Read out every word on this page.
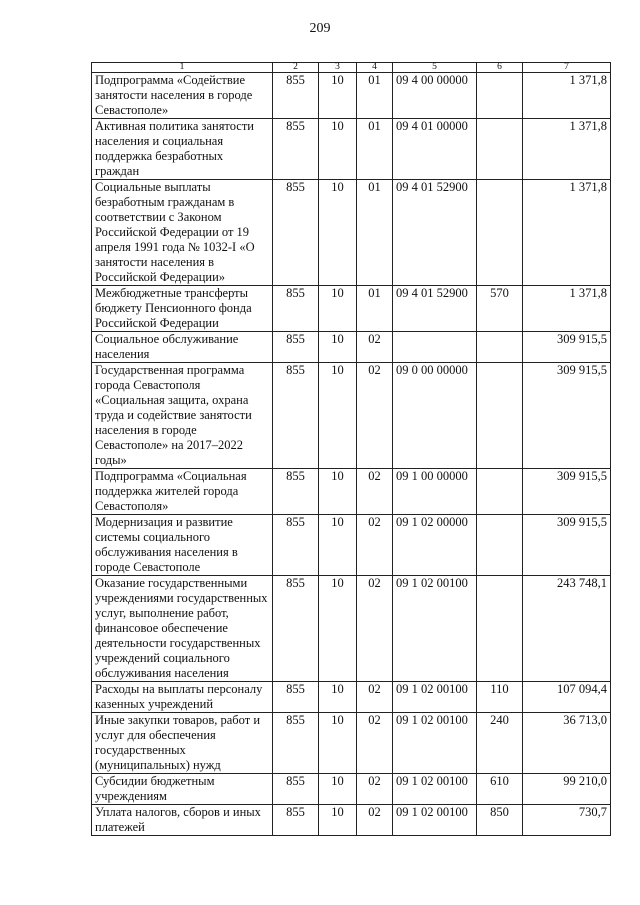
209
1	2	3	4	5	6	7
Подпрограмма «Содействие занятости населения в городе Севастополе»	855	10	01	09 4 00 00000		1 371,8
Активная политика занятости населения и социальная поддержка безработных граждан	855	10	01	09 4 01 00000		1 371,8
Социальные выплаты безработным гражданам в соответствии с Законом Российской Федерации от 19 апреля 1991 года № 1032-I «О занятости населения в Российской Федерации»	855	10	01	09 4 01 52900		1 371,8
Межбюджетные трансферты бюджету Пенсионного фонда Российской Федерации	855	10	01	09 4 01 52900	570	1 371,8
Социальное обслуживание населения	855	10	02			309 915,5
Государственная программа города Севастополя «Социальная защита, охрана труда и содействие занятости населения в городе Севастополе» на 2017–2022 годы»	855	10	02	09 0 00 00000		309 915,5
Подпрограмма «Социальная поддержка жителей города Севастополя»	855	10	02	09 1 00 00000		309 915,5
Модернизация и развитие системы социального обслуживания населения в городе Севастополе	855	10	02	09 1 02 00000		309 915,5
Оказание государственными учреждениями государственных услуг, выполнение работ, финансовое обеспечение деятельности государственных учреждений социального обслуживания населения	855	10	02	09 1 02 00100		243 748,1
Расходы на выплаты персоналу казенных учреждений	855	10	02	09 1 02 00100	110	107 094,4
Иные закупки товаров, работ и услуг для обеспечения государственных (муниципальных) нужд	855	10	02	09 1 02 00100	240	36 713,0
Субсидии бюджетным учреждениям	855	10	02	09 1 02 00100	610	99 210,0
Уплата налогов, сборов и иных платежей	855	10	02	09 1 02 00100	850	730,7
